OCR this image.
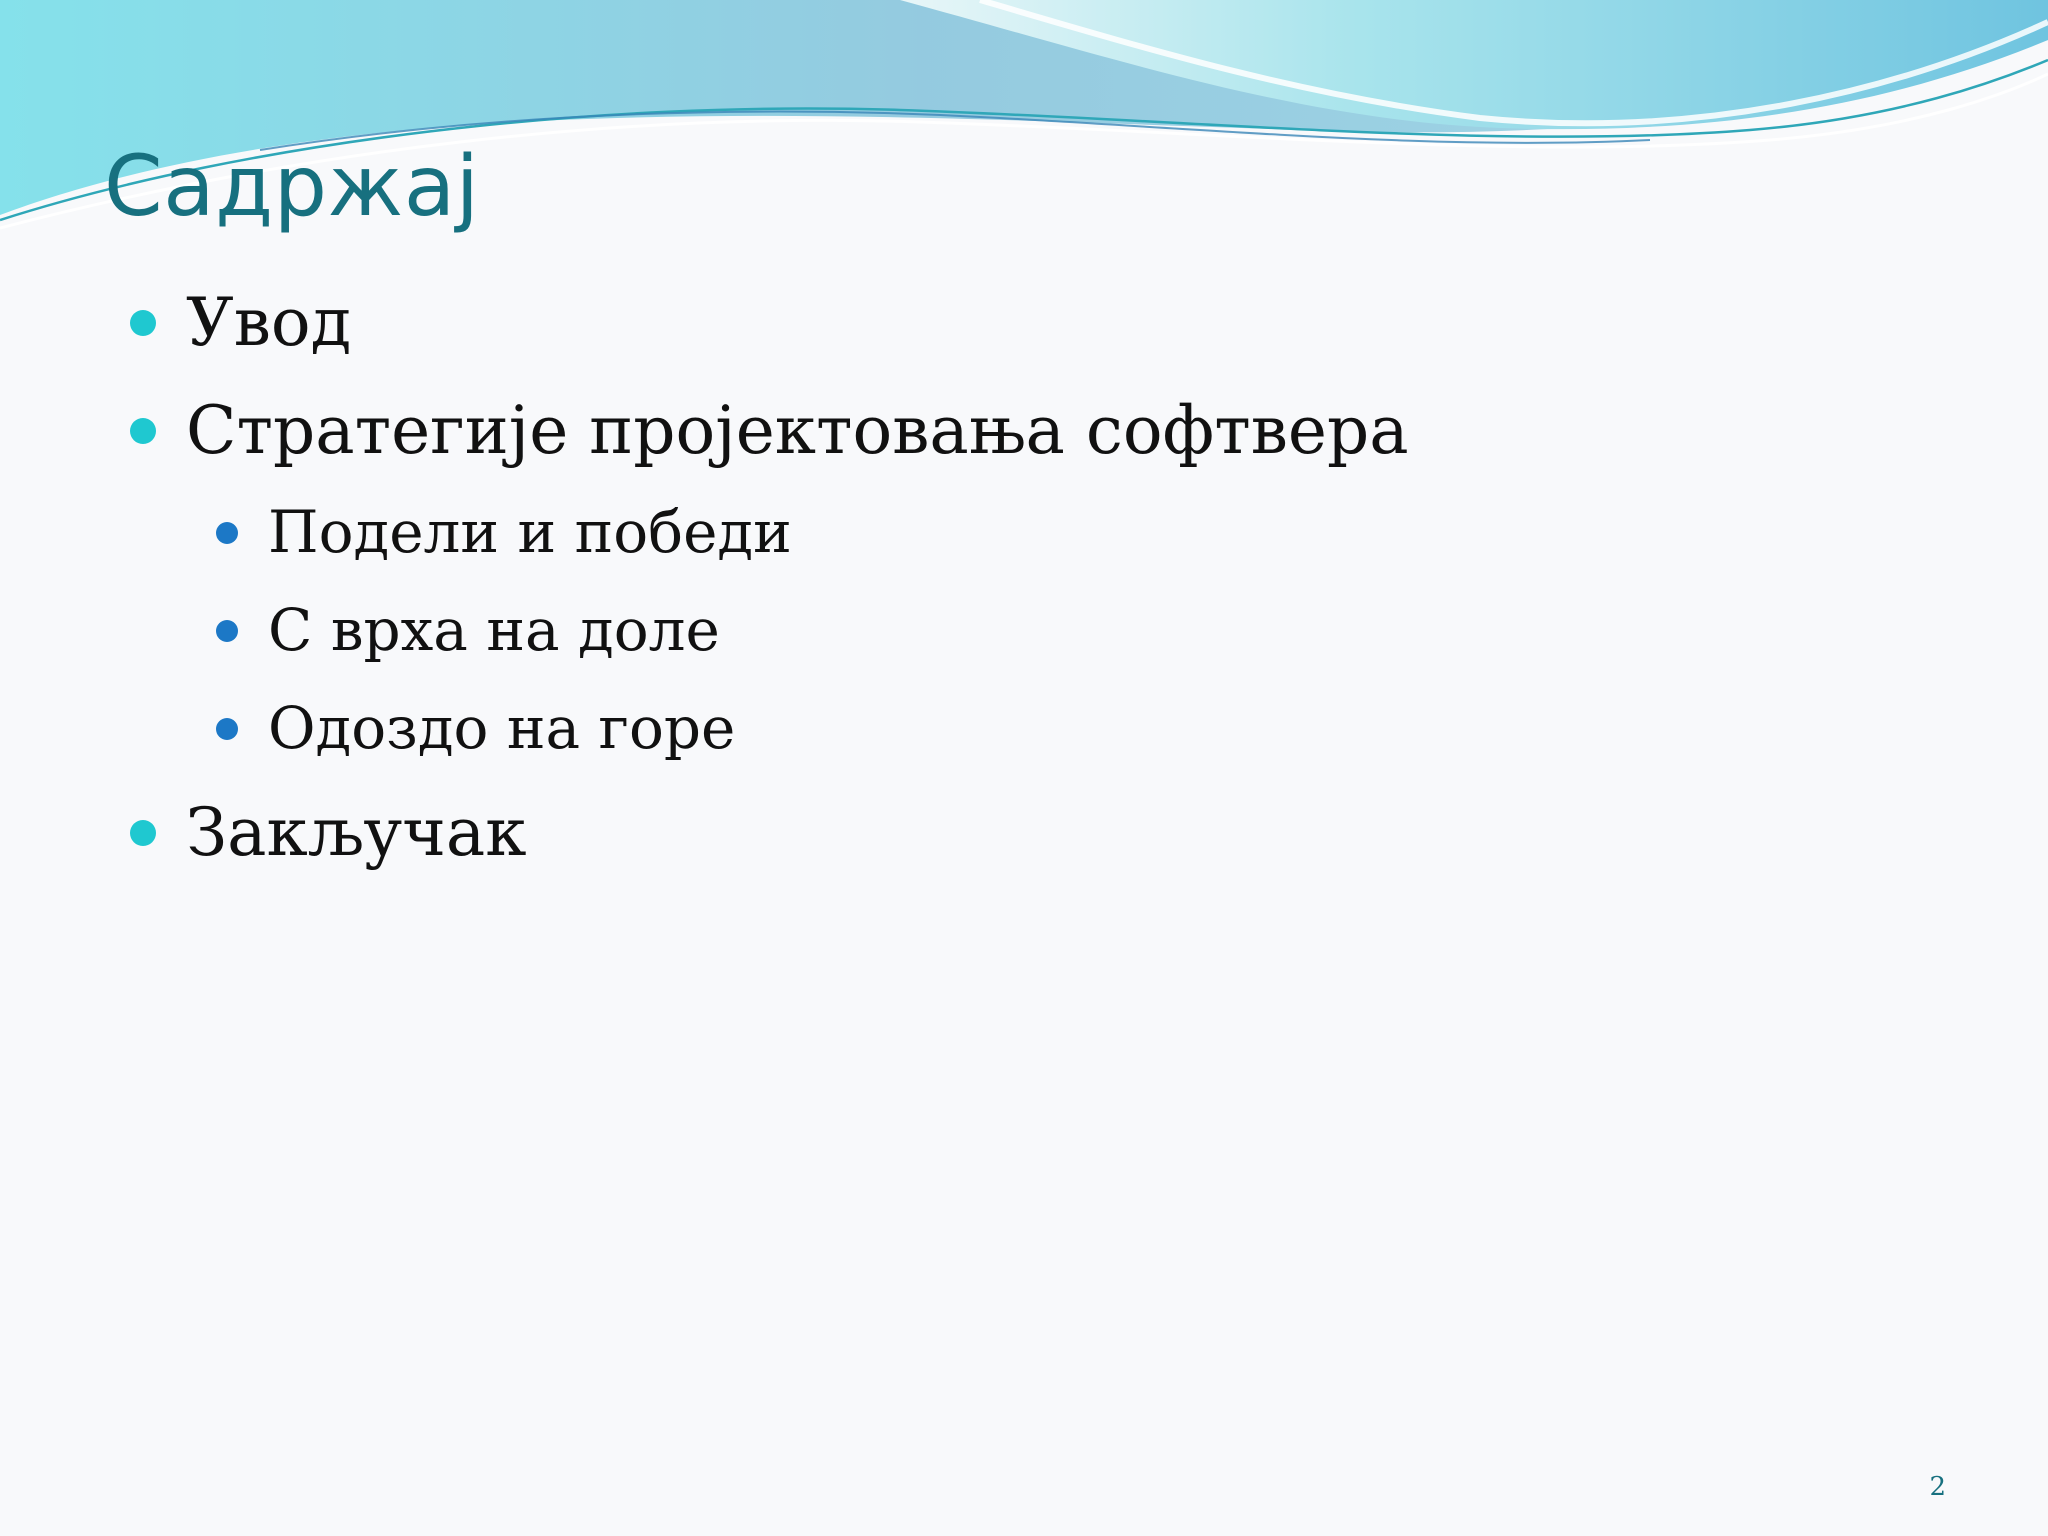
Садржај
Увод
Стратегије пројектовања софтвера
Подели и победи
С врха на доле
Одоздо на горе
Закључак
2
